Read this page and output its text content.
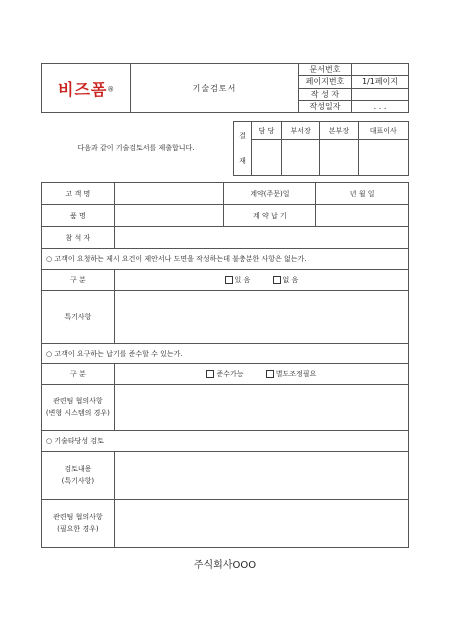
비즈폼®	기술검토서	문서번호	
		페이지번호	1/1페이지
		작 성 자	
		작성일자	. . .
다음과 같이 기술검토서를 제출합니다.
결

재	담 당	부서장	본부장	대표이사

고 객 명		계약(주문)일	년 월 일
품 명		계 약 납 기	
참 석 자			
○ 고객이 요청하는 제시 요건이 제안서나 도면을 작성하는데 불충분한 사항은 없는가.			
구 분	있 음 없 음		
특기사항			
○ 고객이 요구하는 납기를 준수할 수 있는가.			
구 분	준수가능 별도조정필요		
관련팀 협의사항
(변형 시스템의 경우)			
○ 기술타당성 검토			
검토내용
(특기사항)			
관련팀 협의사항
(필요한 경우)			
주식회사OOO
